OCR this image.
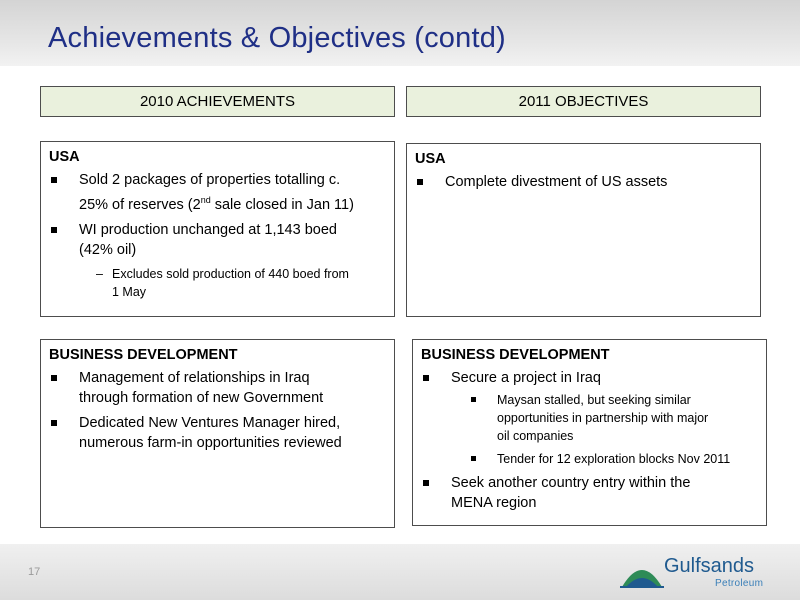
Achievements & Objectives (contd)
2010 ACHIEVEMENTS	2011 OBJECTIVES
USA
Sold 2 packages of properties totalling c.
25% of reserves (2nd sale closed in Jan 11)
WI production unchanged at 1,143 boed
(42% oil)
– Excludes sold production of 440 boed from
1 May
USA
Complete divestment of US assets
BUSINESS DEVELOPMENT
Management of relationships in Iraq
through formation of new Government
Dedicated New Ventures Manager hired,
numerous farm-in opportunities reviewed
BUSINESS DEVELOPMENT
Secure a project in Iraq
Maysan stalled, but seeking similar
opportunities in partnership with major
oil companies
Tender for 12 exploration blocks Nov 2011
Seek another country entry within the
MENA region
17	Gulfsands
Petroleum
